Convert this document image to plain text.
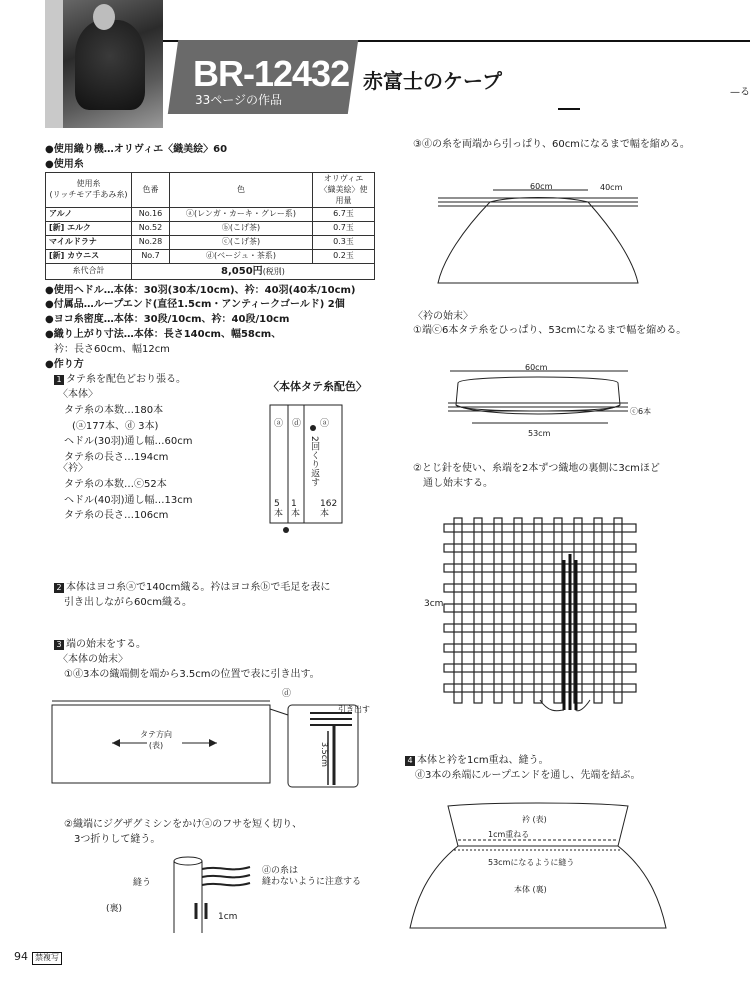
BR-12432
33ページの作品
赤富士のケープ	—る
●使用織り機…オリヴィエ〈織美絵〉60
●使用糸
使用糸
(リッチモア手あみ糸)	色番	色	オリヴィエ〈織美絵〉使用量
アルノ	No.16	ⓐ(レンガ・カーキ・グレー系)	6.7玉
[新] エルク	No.52	ⓑ(こげ茶)	0.7玉
マイルドラナ	No.28	ⓒ(こげ茶)	0.3玉
[新] カウニス	No.7	ⓓ(ベージュ・茶系)	0.2玉
糸代合計	8,050円(税別)		
●使用ヘドル…本体：30羽(30本/10cm)、衿：40羽(40本/10cm)
●付属品…ループエンド(直径1.5cm・アンティークゴールド) 2個
●ヨコ糸密度…本体：30段/10cm、衿：40段/10cm
●織り上がり寸法…本体：長さ140cm、幅58cm、
衿：長さ60cm、幅12cm
●作り方
1 タテ糸を配色どおり張る。
〈本体〉
タテ糸の本数…180本
(ⓐ177本、ⓓ 3本)
ヘドル(30羽)通し幅…60cm
タテ糸の長さ…194cm
〈衿〉
タテ糸の本数…ⓒ52本
ヘドル(40羽)通し幅…13cm
タテ糸の長さ…106cm
〈本体タテ糸配色〉
ⓐ ⓓ ⓐ
2回くり返す
5
本
1
本
162
本
2 本体はヨコ糸ⓐで140cm織る。衿はヨコ糸ⓑで毛足を表に
引き出しながら60cm織る。
3 端の始末をする。
〈本体の始末〉
①ⓓ3本の織端側を端から3.5cmの位置で表に引き出す。
タテ方向
(表)
ⓓ
引き出す
3.5cm
②織端にジグザグミシンをかけⓐのフサを短く切り、
3つ折りして縫う。
縫う
(裏)
ⓓの糸は
縫わないように注意する
1cm
③ⓓの糸を両端から引っぱり、60cmになるまで幅を縮める。
60cm	40cm
〈衿の始末〉
①端ⓒ6本タテ糸をひっぱり、53cmになるまで幅を縮める。
60cm
53cm
ⓒ6本
②とじ針を使い、糸端を2本ずつ織地の裏側に3cmほど
通し始末する。
3cm
4 本体と衿を1cm重ね、縫う。
ⓓ3本の糸端にループエンドを通し、先端を結ぶ。
衿 (表)
1cm重ねる
53cmになるように縫う
本体 (裏)
94 禁複写
